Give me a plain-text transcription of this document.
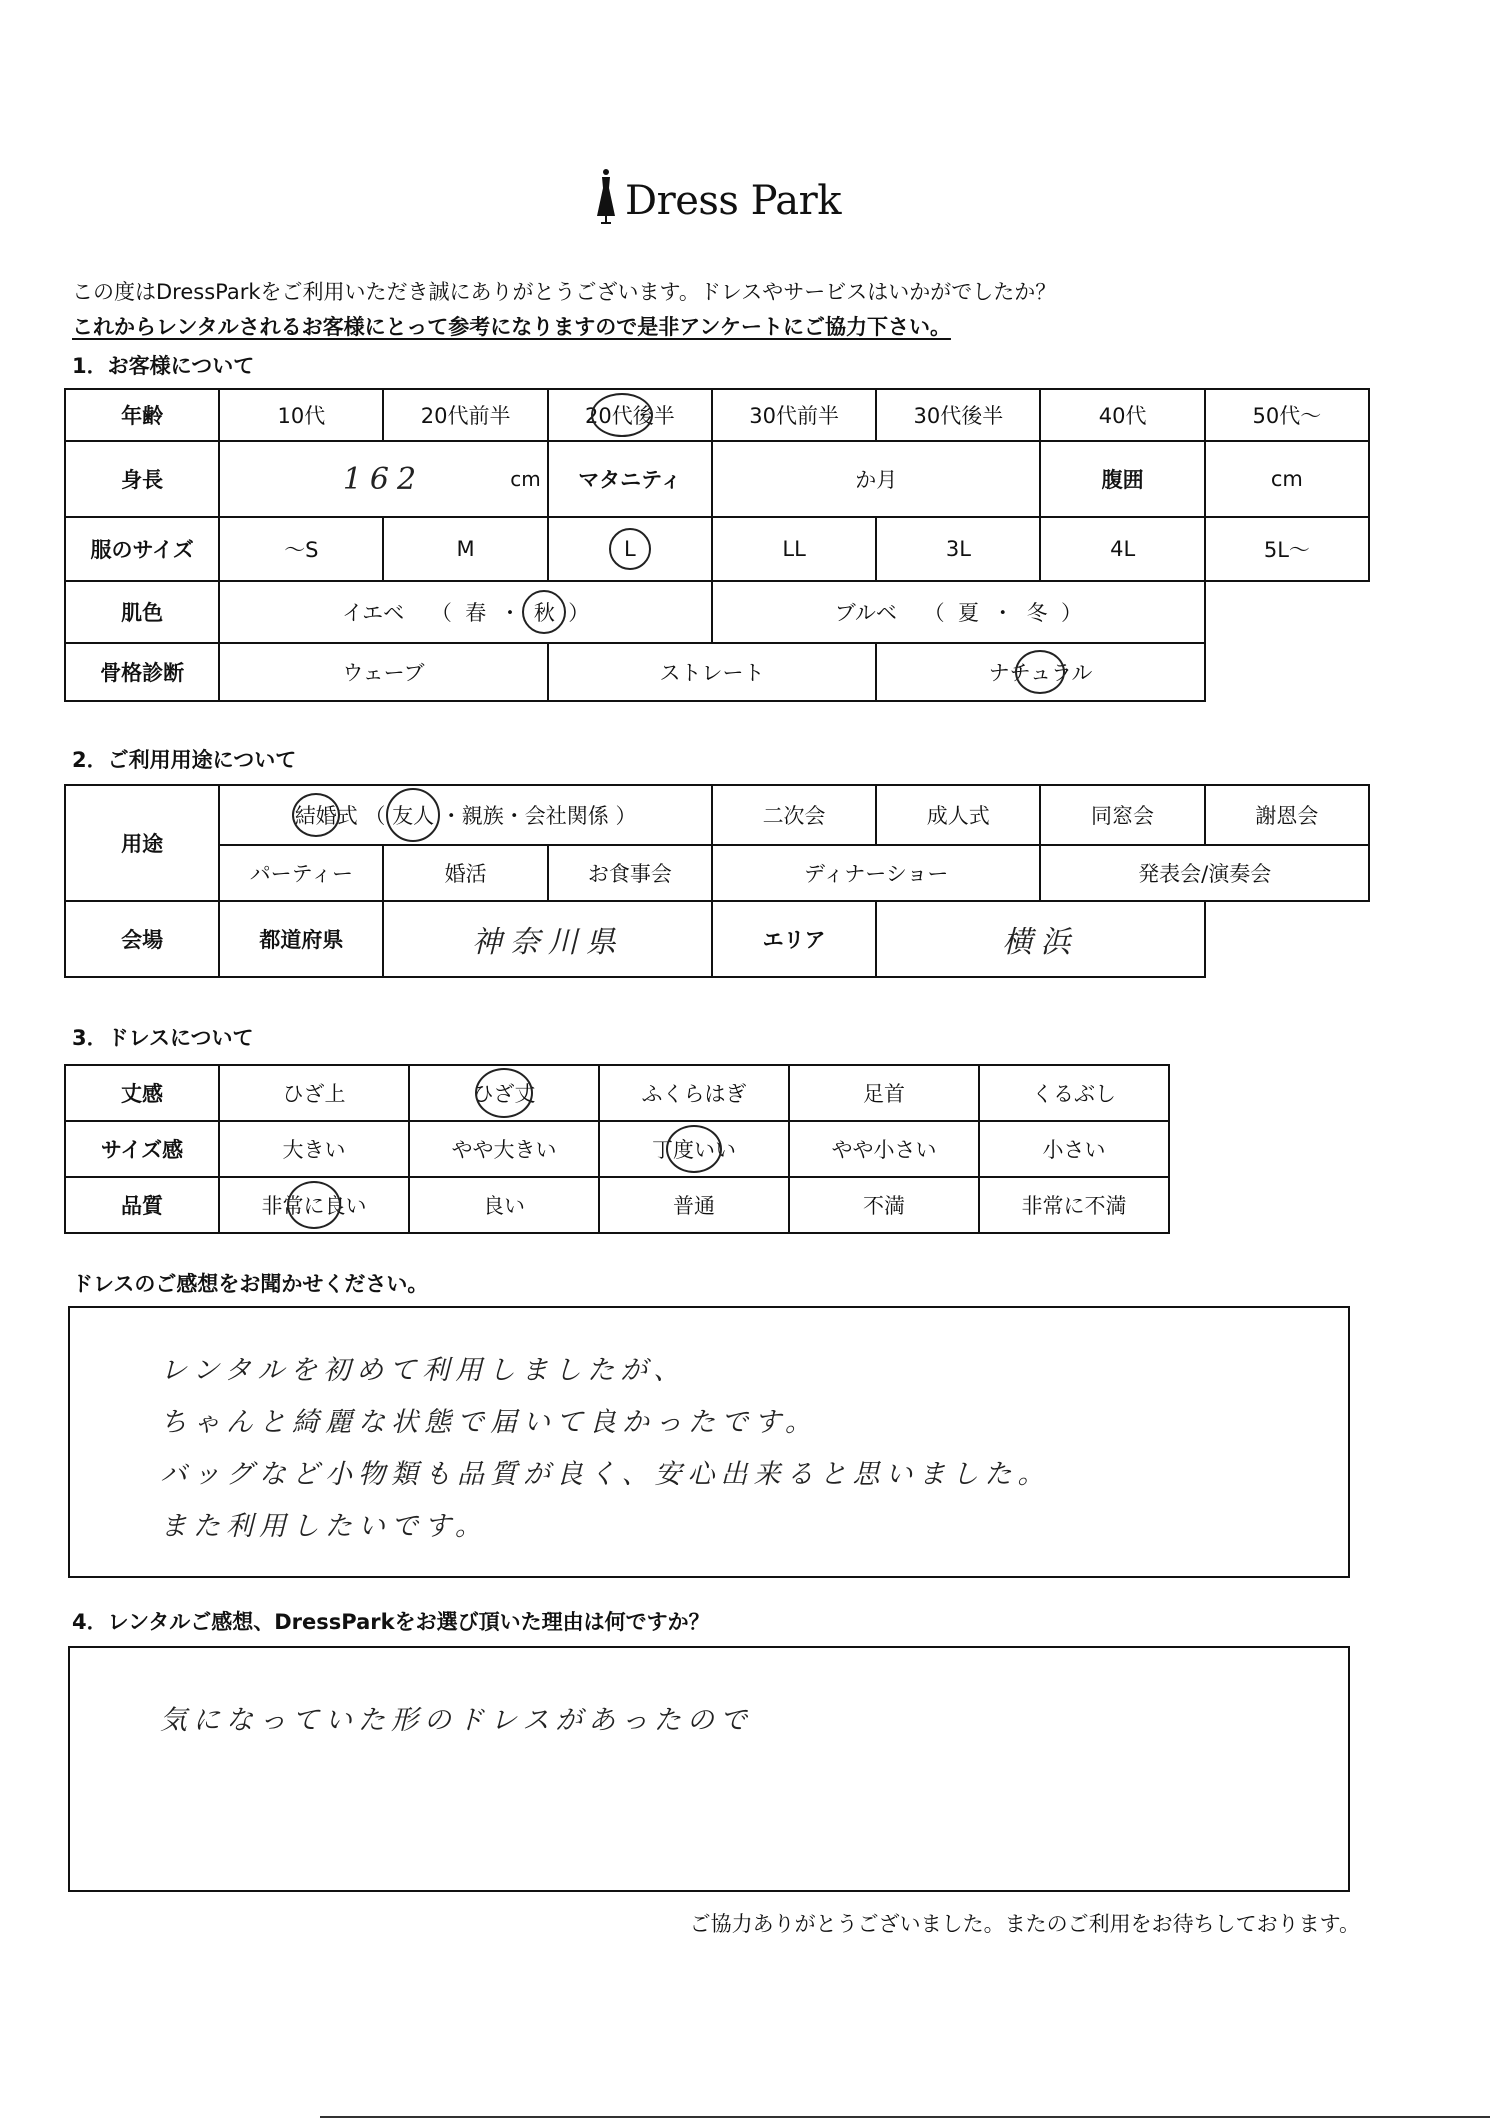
Dress Park
この度はDressParkをご利用いただき誠にありがとうございます。ドレスやサービスはいかがでしたか？
これからレンタルされるお客様にとって参考になりますので是非アンケートにご協力下さい。
1．お客様について
年齢	10代	20代前半	20代後半	30代前半	30代後半	40代	50代～
身長	162 cm		マタニティ	か月		腹囲	cm
服のサイズ	～S	M	L	LL	3L	4L	5L～
肌色	イエベ （ 春 ・ 秋 ）			ブルベ （ 夏 ・ 冬 ）			
骨格診断	ウェーブ		ストレート		ナチュラル	

2．ご利用用途について
用途	結婚式 （ 友人 ・親族・会社関係 ）			二次会	成人式	同窓会	謝恩会
	パーティー	婚活	お食事会	ディナーショー		発表会/演奏会	
会場	都道府県	神奈川県		エリア	横浜		
3．ドレスについて
丈感	ひざ上	ひざ丈	ふくらはぎ	足首	くるぶし
サイズ感	大きい	やや大きい	丁度いい	やや小さい	小さい
品質	非常に良い	良い	普通	不満	非常に不満
ドレスのご感想をお聞かせください。
レンタルを初めて利用しましたが、
ちゃんと綺麗な状態で届いて良かったです。
バッグなど小物類も品質が良く、安心出来ると思いました。
また利用したいです。
4．レンタルご感想、DressParkをお選び頂いた理由は何ですか？
気になっていた形のドレスがあったので
ご協力ありがとうございました。またのご利用をお待ちしております。
